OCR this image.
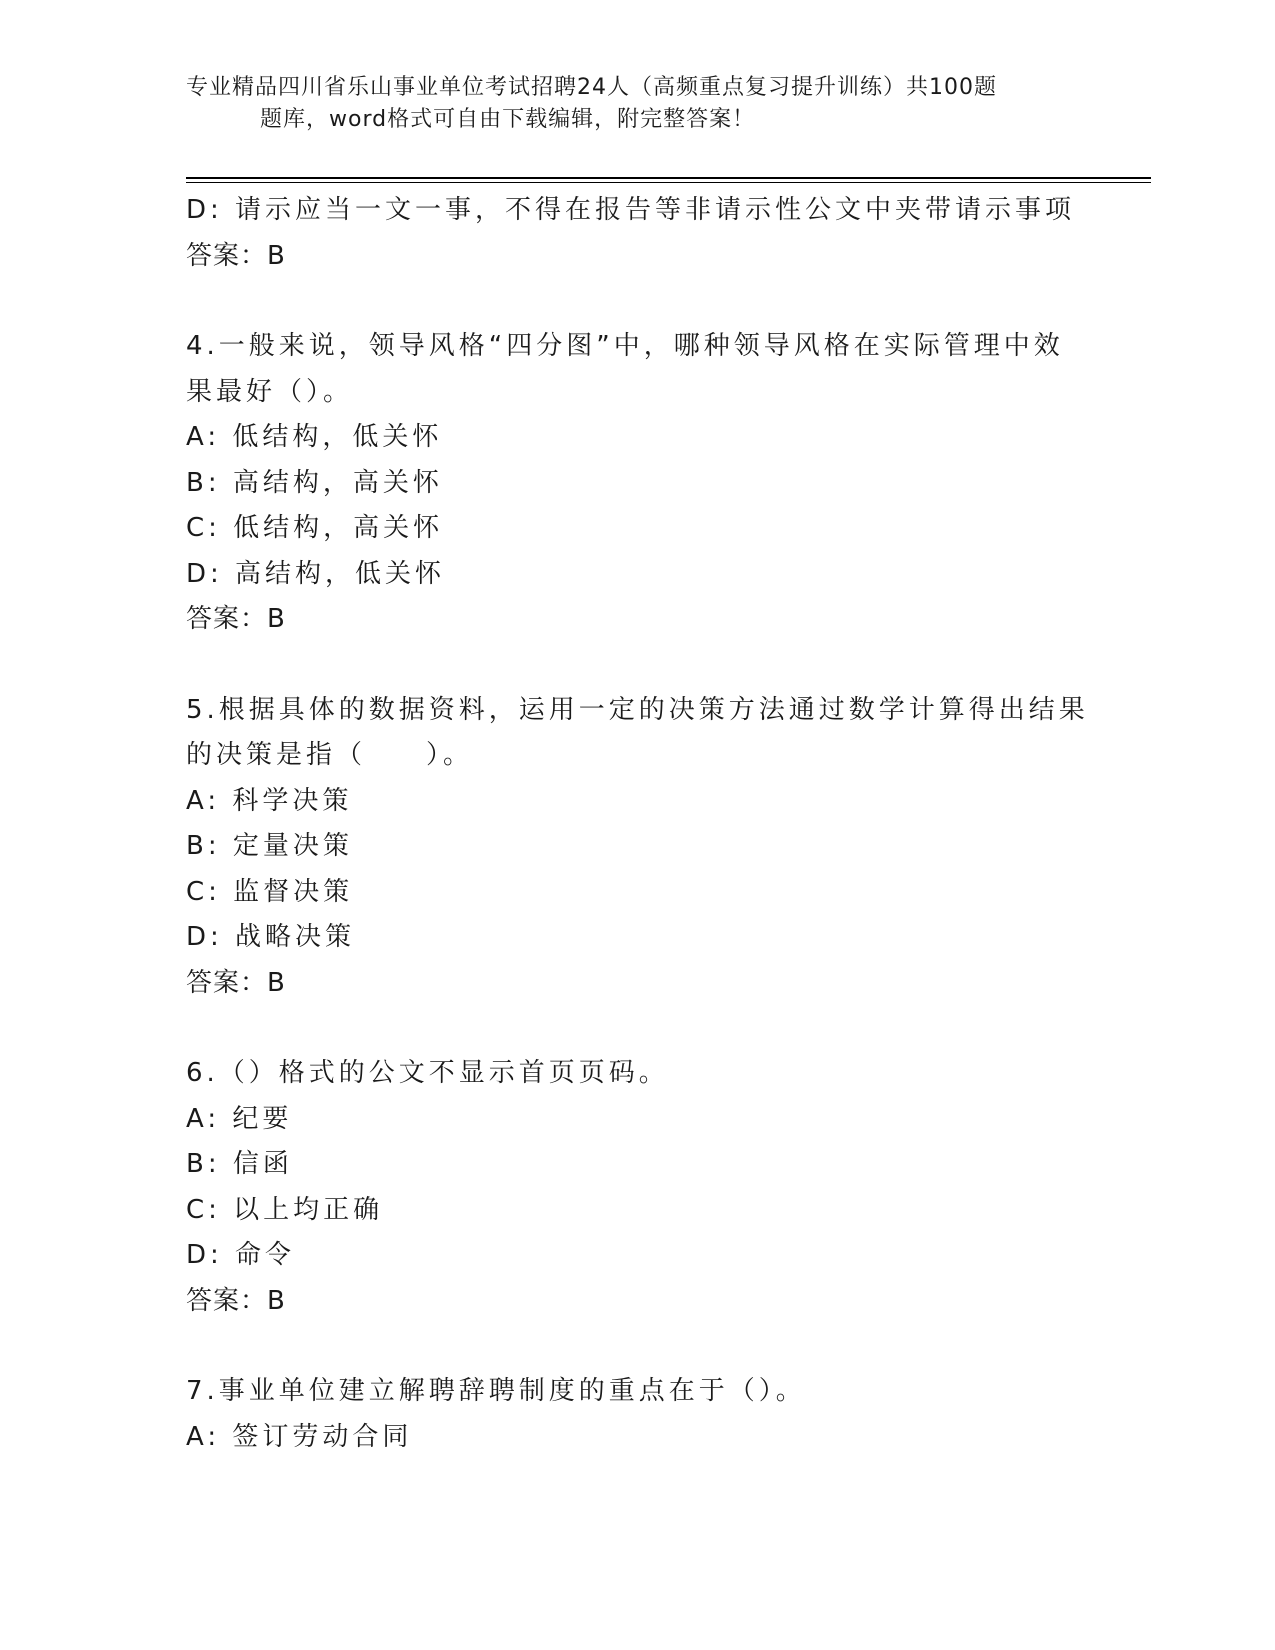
专业精品四川省乐山事业单位考试招聘24人（高频重点复习提升训练）共100题
题库，word格式可自由下载编辑，附完整答案！
D: 请示应当一文一事，不得在报告等非请示性公文中夹带请示事项
答案：B
4.一般来说，领导风格“四分图”中，哪种领导风格在实际管理中效
果最好（）。
A: 低结构，低关怀
B: 高结构，高关怀
C: 低结构，高关怀
D: 高结构，低关怀
答案：B
5.根据具体的数据资料，运用一定的决策方法通过数学计算得出结果
的决策是指（　　）。
A: 科学决策
B: 定量决策
C: 监督决策
D: 战略决策
答案：B
6.（）格式的公文不显示首页页码。
A: 纪要
B: 信函
C: 以上均正确
D: 命令
答案：B
7.事业单位建立解聘辞聘制度的重点在于（）。
A: 签订劳动合同
